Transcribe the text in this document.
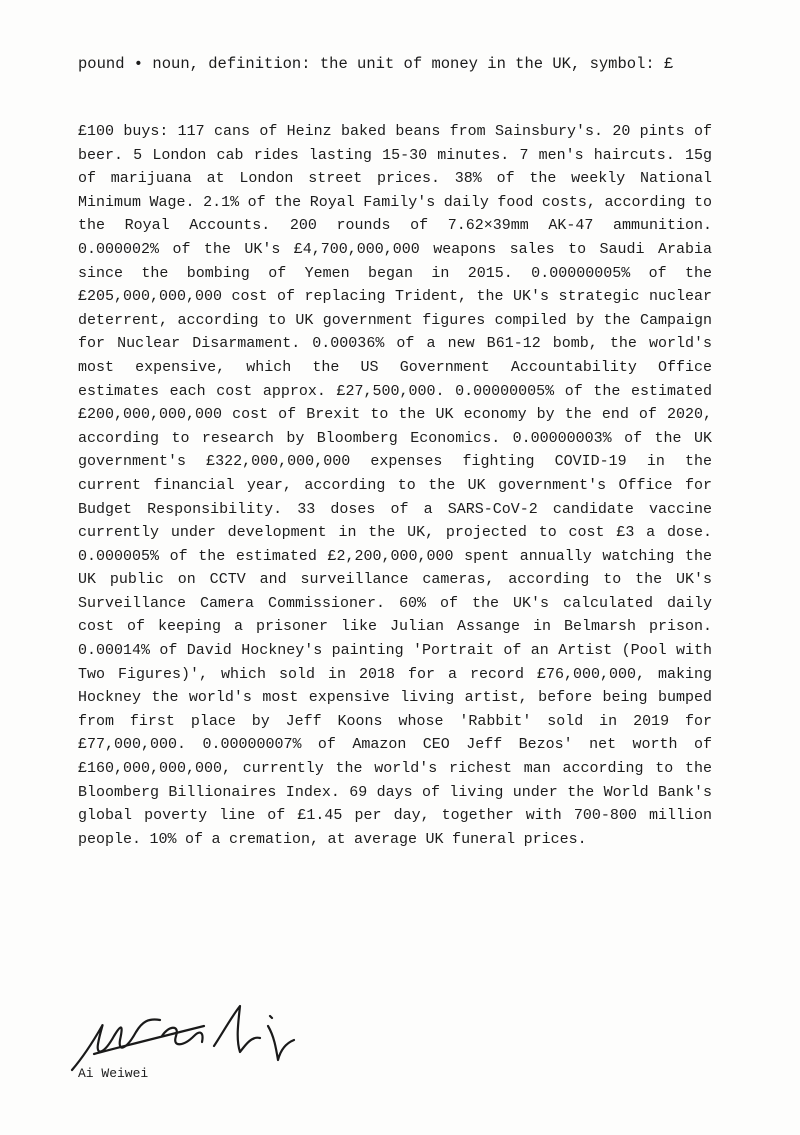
pound • noun, definition: the unit of money in the UK, symbol: £
£100 buys: 117 cans of Heinz baked beans from Sainsbury's. 20 pints of beer. 5 London cab rides lasting 15-30 minutes. 7 men's haircuts. 15g of marijuana at London street prices. 38% of the weekly National Minimum Wage. 2.1% of the Royal Family's daily food costs, according to the Royal Accounts. 200 rounds of 7.62×39mm AK-47 ammunition. 0.000002% of the UK's £4,700,000,000 weapons sales to Saudi Arabia since the bombing of Yemen began in 2015. 0.00000005% of the £205,000,000,000 cost of replacing Trident, the UK's strategic nuclear deterrent, according to UK government figures compiled by the Campaign for Nuclear Disarmament. 0.00036% of a new B61-12 bomb, the world's most expensive, which the US Government Accountability Office estimates each cost approx. £27,500,000. 0.00000005% of the estimated £200,000,000,000 cost of Brexit to the UK economy by the end of 2020, according to research by Bloomberg Economics. 0.00000003% of the UK government's £322,000,000,000 expenses fighting COVID-19 in the current financial year, according to the UK government's Office for Budget Responsibility. 33 doses of a SARS-CoV-2 candidate vaccine currently under development in the UK, projected to cost £3 a dose. 0.000005% of the estimated £2,200,000,000 spent annually watching the UK public on CCTV and surveillance cameras, according to the UK's Surveillance Camera Commissioner. 60% of the UK's calculated daily cost of keeping a prisoner like Julian Assange in Belmarsh prison. 0.00014% of David Hockney's painting 'Portrait of an Artist (Pool with Two Figures)', which sold in 2018 for a record £76,000,000, making Hockney the world's most expensive living artist, before being bumped from first place by Jeff Koons whose 'Rabbit' sold in 2019 for £77,000,000. 0.00000007% of Amazon CEO Jeff Bezos' net worth of £160,000,000,000, currently the world's richest man according to the Bloomberg Billionaires Index. 69 days of living under the World Bank's global poverty line of £1.45 per day, together with 700-800 million people. 10% of a cremation, at average UK funeral prices.
Ai Weiwei
